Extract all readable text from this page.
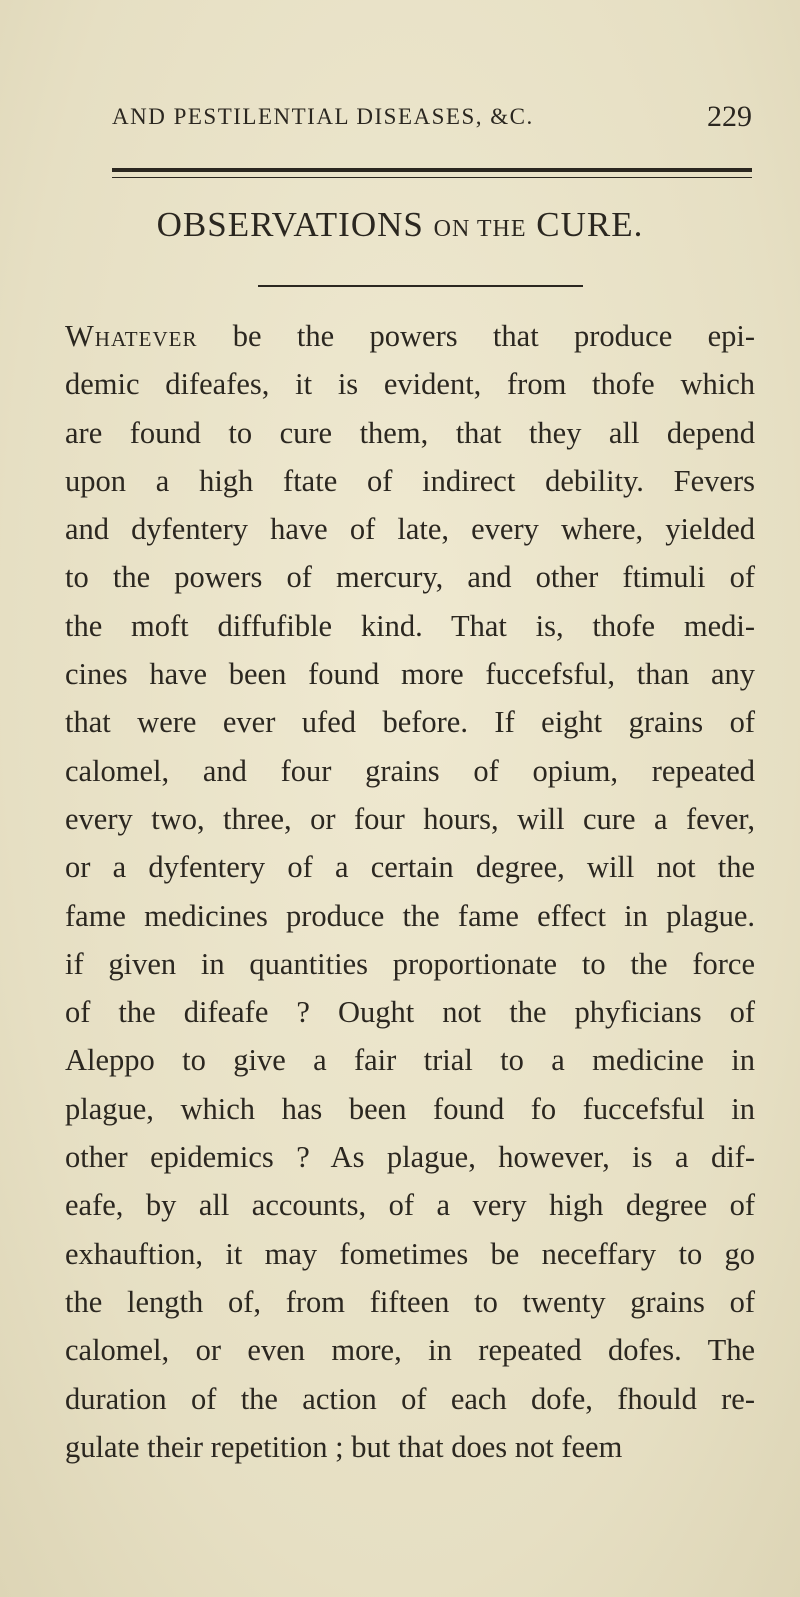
AND PESTILENTIAL DISEASES, &C.	229
OBSERVATIONS ON THE CURE.
Whatever be the powers that produce epi-
demic difeafes, it is evident, from thofe which
are found to cure them, that they all depend
upon a high ftate of indirect debility. Fevers
and dyfentery have of late, every where, yielded
to the powers of mercury, and other ftimuli of
the moft diffufible kind. That is, thofe medi-
cines have been found more fuccefsful, than any
that were ever ufed before. If eight grains of
calomel, and four grains of opium, repeated
every two, three, or four hours, will cure a fever,
or a dyfentery of a certain degree, will not the
fame medicines produce the fame effect in plague.
if given in quantities proportionate to the force
of the difeafe ? Ought not the phyficians of
Aleppo to give a fair trial to a medicine in
plague, which has been found fo fuccefsful in
other epidemics ? As plague, however, is a dif-
eafe, by all accounts, of a very high degree of
exhauftion, it may fometimes be neceffary to go
the length of, from fifteen to twenty grains of
calomel, or even more, in repeated dofes. The
duration of the action of each dofe, fhould re-
gulate their repetition ; but that does not feem
